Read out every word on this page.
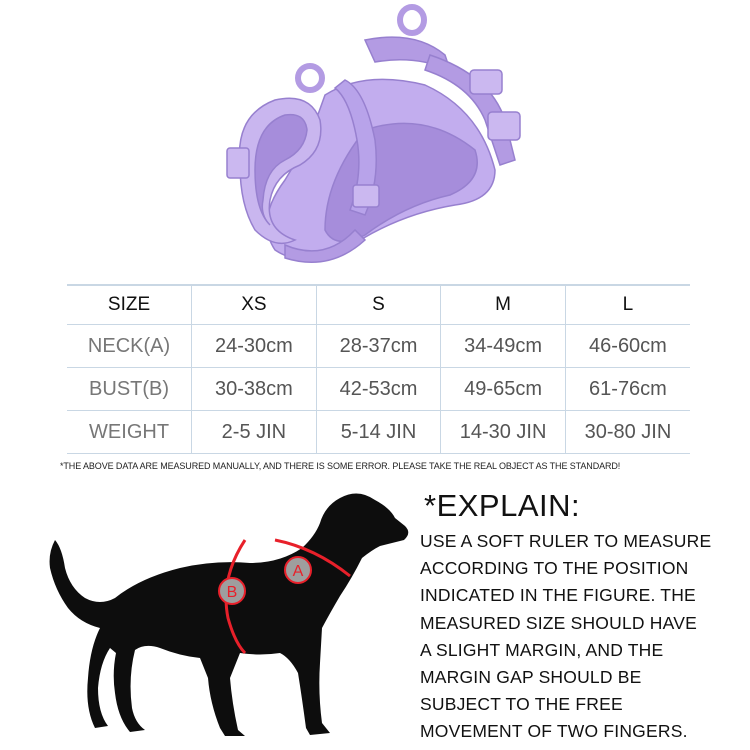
SIZE	XS	S	M	L
NECK(A)	24-30cm	28-37cm	34-49cm	46-60cm
BUST(B)	30-38cm	42-53cm	49-65cm	61-76cm
WEIGHT	2-5 JIN	5-14 JIN	14-30 JIN	30-80 JIN
*THE ABOVE DATA ARE MEASURED MANUALLY, AND THERE IS SOME ERROR. PLEASE TAKE THE REAL OBJECT AS THE STANDARD!
A
B
*EXPLAIN:
USE A SOFT RULER TO MEASURE
ACCORDING TO THE POSITION
INDICATED IN THE FIGURE. THE
MEASURED SIZE SHOULD HAVE
A SLIGHT MARGIN, AND THE
MARGIN GAP SHOULD BE
SUBJECT TO THE FREE
MOVEMENT OF TWO FINGERS.
